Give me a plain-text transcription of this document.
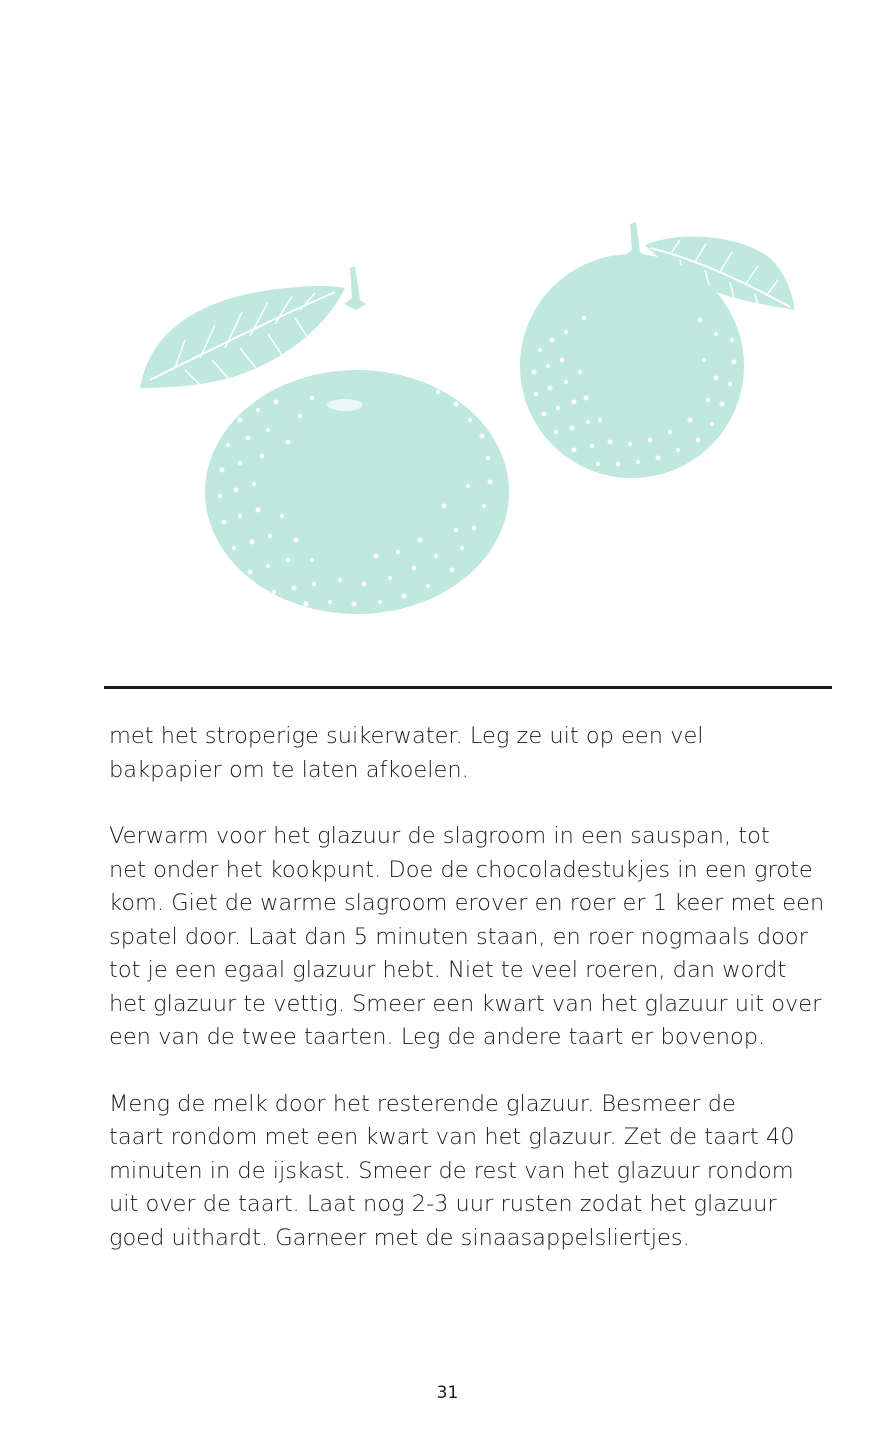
met het stroperige suikerwater. Leg ze uit op een vel
bakpapier om te laten afkoelen.

Verwarm voor het glazuur de slagroom in een sauspan, tot
net onder het kookpunt. Doe de chocoladestukjes in een grote
kom. Giet de warme slagroom erover en roer er 1 keer met een
spatel door. Laat dan 5 minuten staan, en roer nogmaals door
tot je een egaal glazuur hebt. Niet te veel roeren, dan wordt
het glazuur te vettig. Smeer een kwart van het glazuur uit over
een van de twee taarten. Leg de andere taart er bovenop.

Meng de melk door het resterende glazuur. Besmeer de
taart rondom met een kwart van het glazuur. Zet de taart 40
minuten in de ijskast. Smeer de rest van het glazuur rondom
uit over de taart. Laat nog 2-3 uur rusten zodat het glazuur
goed uithardt. Garneer met de sinaasappelsliertjes.

31
